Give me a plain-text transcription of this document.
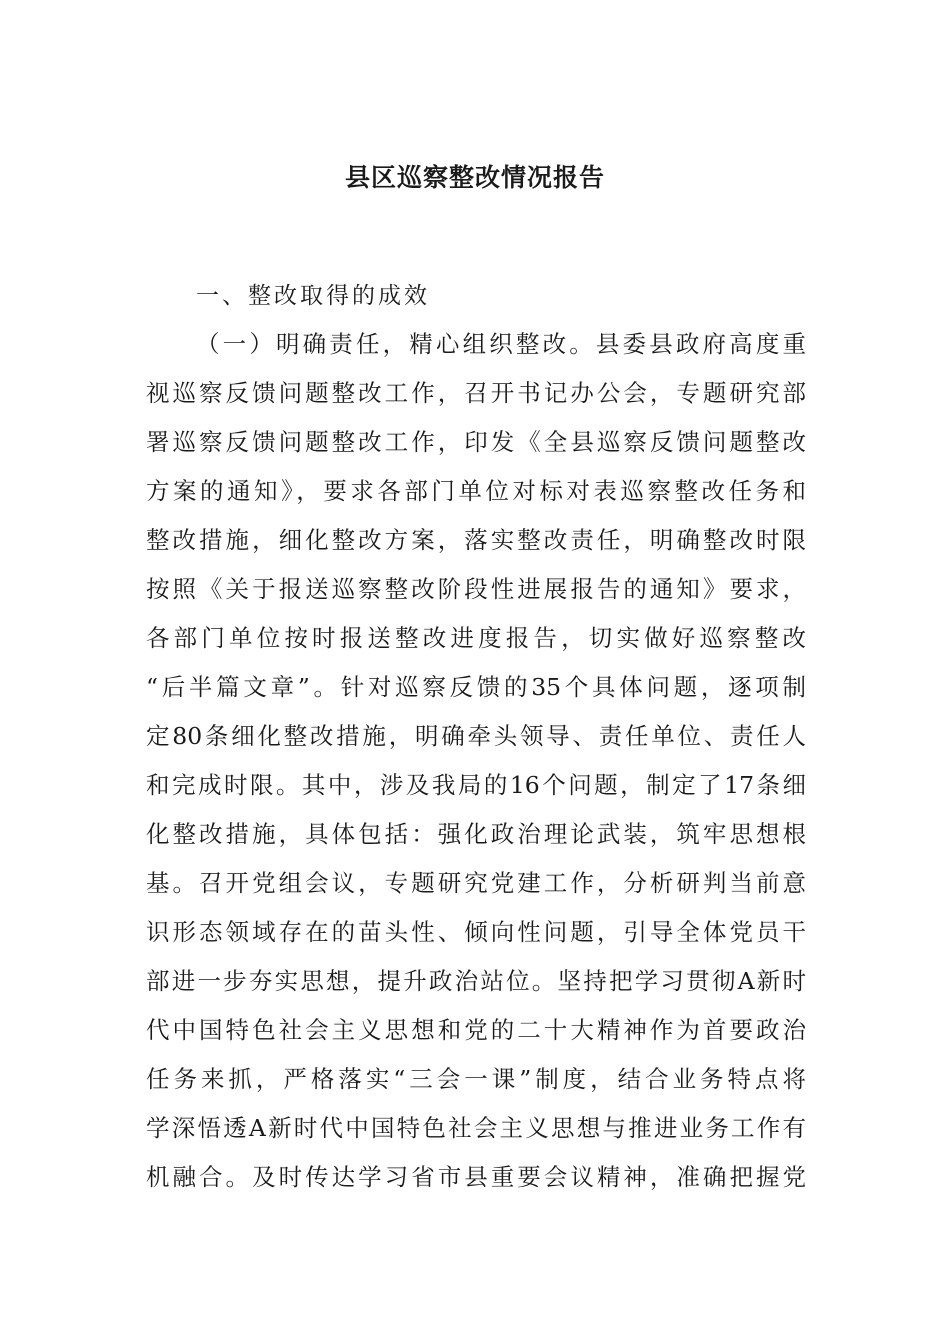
县区巡察整改情况报告
一、整改取得的成效
（一）明确责任，精心组织整改。县委县政府高度重
视巡察反馈问题整改工作，召开书记办公会，专题研究部
署巡察反馈问题整改工作，印发《全县巡察反馈问题整改
方案的通知》，要求各部门单位对标对表巡察整改任务和
整改措施，细化整改方案，落实整改责任，明确整改时限
按照《关于报送巡察整改阶段性进展报告的通知》要求，
各部门单位按时报送整改进度报告，切实做好巡察整改
“后半篇文章”。针对巡察反馈的35个具体问题，逐项制
定80条细化整改措施，明确牵头领导、责任单位、责任人
和完成时限。其中，涉及我局的16个问题，制定了17条细
化整改措施，具体包括：强化政治理论武装，筑牢思想根
基。召开党组会议，专题研究党建工作，分析研判当前意
识形态领域存在的苗头性、倾向性问题，引导全体党员干
部进一步夯实思想，提升政治站位。坚持把学习贯彻A新时
代中国特色社会主义思想和党的二十大精神作为首要政治
任务来抓，严格落实“三会一课”制度，结合业务特点将
学深悟透A新时代中国特色社会主义思想与推进业务工作有
机融合。及时传达学习省市县重要会议精神，准确把握党
